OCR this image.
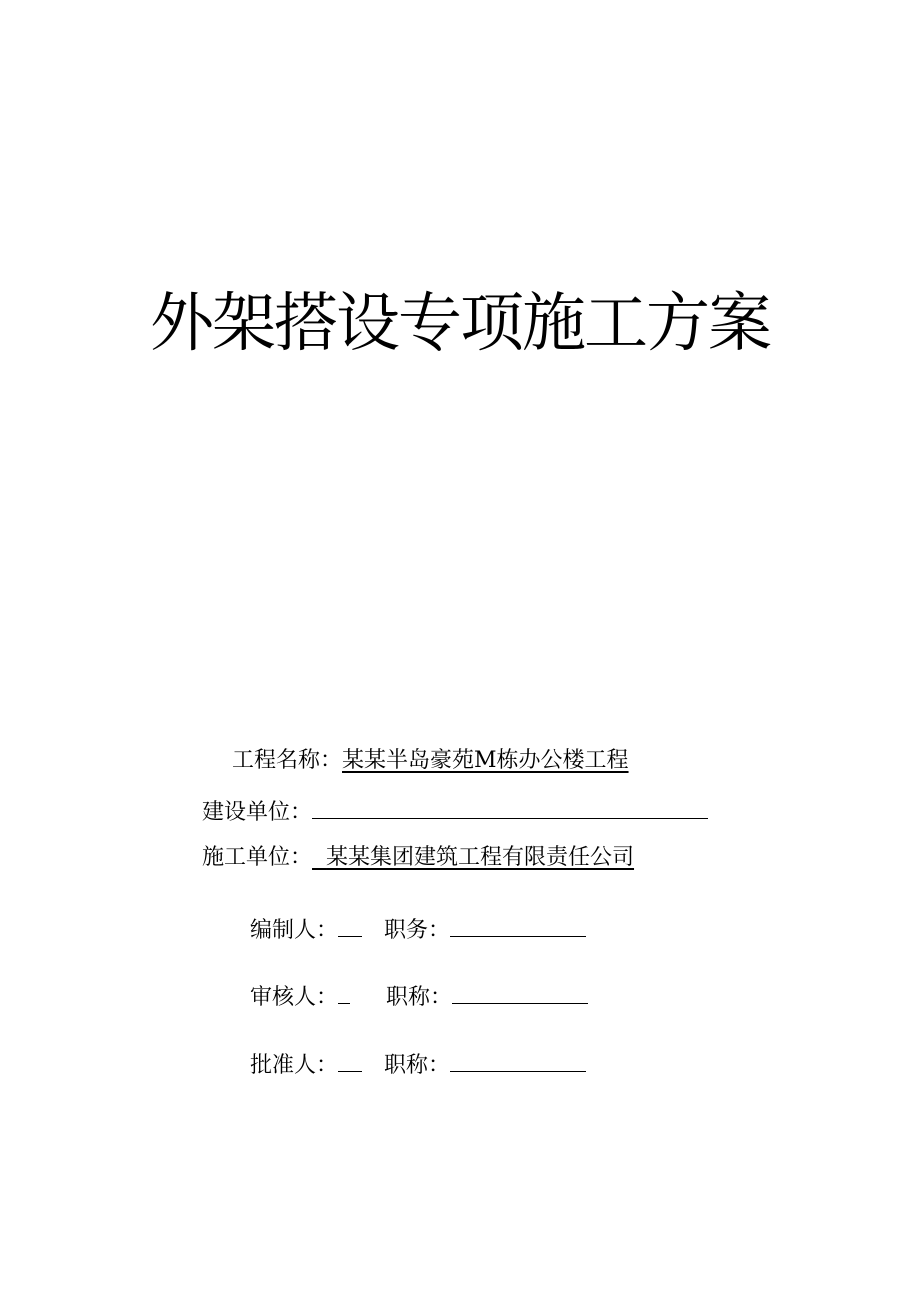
外架搭设专项施工方案
工程名称：某某半岛豪苑M栋办公楼工程
建设单位：
施工单位： 某某集团建筑工程有限责任公司
编制人： 职务：
审核人： 职称：
批准人： 职称：
